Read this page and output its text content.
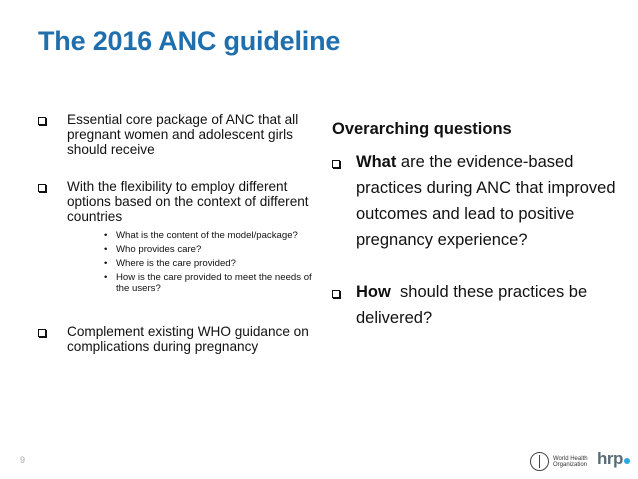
The 2016 ANC guideline
Essential core package of ANC that all pregnant women and adolescent girls should receive
With the flexibility to employ different options based on the context of different countries
• What is the content of the model/package?
• Who provides care?
• Where is the care provided?
• How is the care provided to meet the needs of the users?
Complement existing WHO guidance on complications during pregnancy
Overarching questions
What are the evidence-based practices during ANC that improved outcomes and lead to positive pregnancy experience?
How  should these practices be delivered?
9	World Health
Organization hrp
